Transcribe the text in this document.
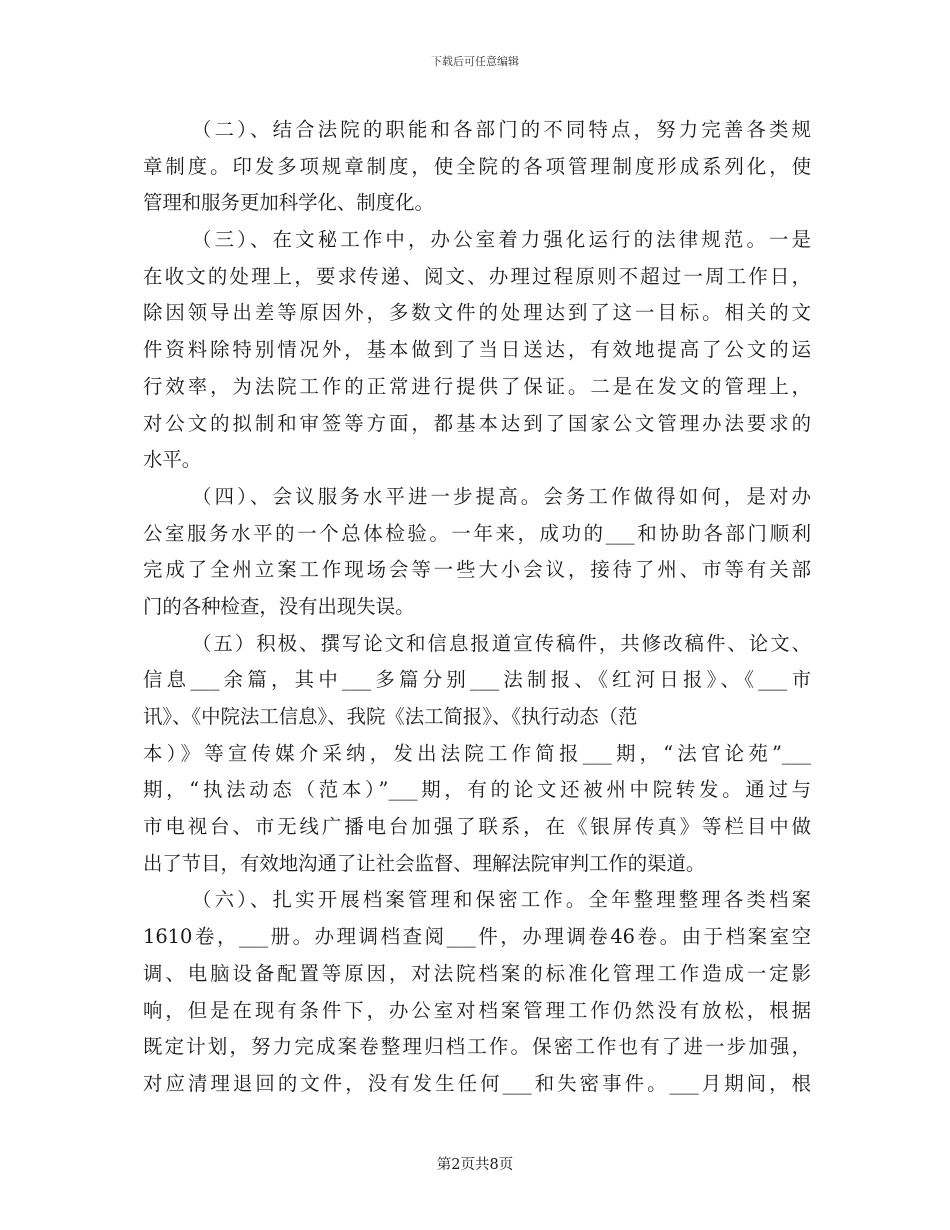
下载后可任意编辑
（二）、结合法院的职能和各部门的不同特点，努力完善各类规
章制度。印发多项规章制度，使全院的各项管理制度形成系列化，使
管理和服务更加科学化、制度化。
（三）、在文秘工作中，办公室着力强化运行的法律规范。一是
在收文的处理上，要求传递、阅文、办理过程原则不超过一周工作日，
除因领导出差等原因外，多数文件的处理达到了这一目标。相关的文
件资料除特别情况外，基本做到了当日送达，有效地提高了公文的运
行效率，为法院工作的正常进行提供了保证。二是在发文的管理上，
对公文的拟制和审签等方面，都基本达到了国家公文管理办法要求的
水平。
（四）、会议服务水平进一步提高。会务工作做得如何，是对办
公室服务水平的一个总体检验。一年来，成功的___和协助各部门顺利
完成了全州立案工作现场会等一些大小会议，接待了州、市等有关部
门的各种检查，没有出现失误。
（五）积极、撰写论文和信息报道宣传稿件，共修改稿件、论文、
信息___余篇，其中___多篇分别___法制报、《红河日报》、《___市
讯》、《中院法工信息》、我院《法工简报》、《执行动态（范
本）》等宣传媒介采纳，发出法院工作简报___期，“法官论苑”___
期，“执法动态（范本）”___期，有的论文还被州中院转发。通过与
市电视台、市无线广播电台加强了联系，在《银屏传真》等栏目中做
出了节目，有效地沟通了让社会监督、理解法院审判工作的渠道。
（六）、扎实开展档案管理和保密工作。全年整理整理各类档案
1610卷，___册。办理调档查阅___件，办理调卷46卷。由于档案室空
调、电脑设备配置等原因，对法院档案的标准化管理工作造成一定影
响，但是在现有条件下，办公室对档案管理工作仍然没有放松，根据
既定计划，努力完成案卷整理归档工作。保密工作也有了进一步加强，
对应清理退回的文件，没有发生任何___和失密事件。___月期间，根
第2页共8页
